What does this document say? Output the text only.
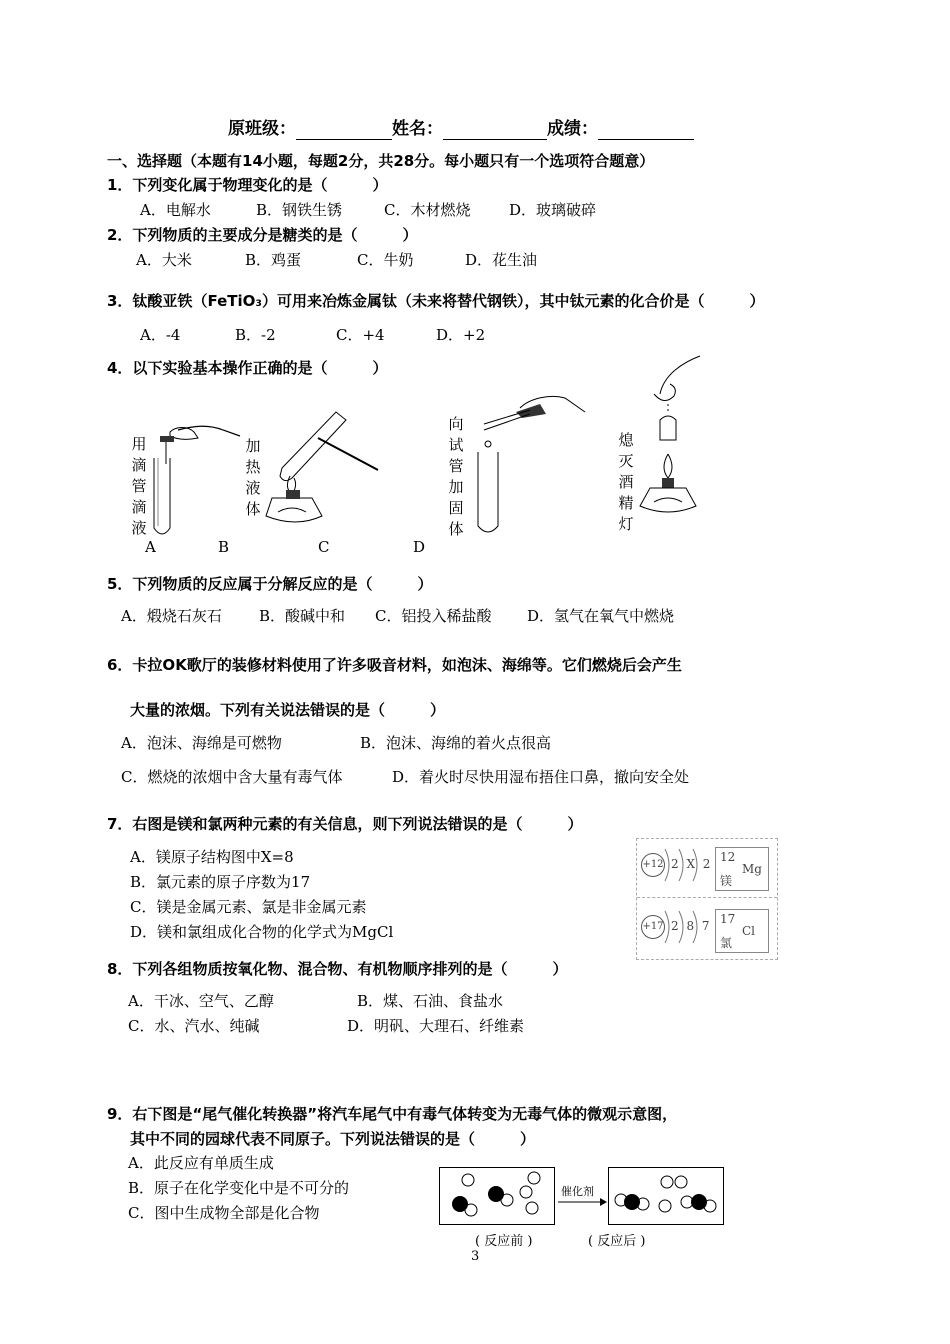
原班级：	姓名：	成绩：
一、选择题（本题有14小题，每题2分，共28分。每小题只有一个选项符合题意）
1．下列变化属于物理变化的是（　　　）
A．电解水	B．钢铁生锈	C．木材燃烧	D．玻璃破碎
2．下列物质的主要成分是糖类的是（　　　）
A．大米	B．鸡蛋	C．牛奶	D．花生油
3．钛酸亚铁（FeTiO₃）可用来冶炼金属钛（未来将替代钢铁），其中钛元素的化合价是（　　　）
A．-4	B．-2	C．+4	D．+2
4．以下实验基本操作正确的是（　　　）
用滴管滴液
A
加热液体
B
向试管加固体
C
熄灭酒精灯
D
5．下列物质的反应属于分解反应的是（　　　）
A．煅烧石灰石 B．酸碱中和 C．铝投入稀盐酸 D．氢气在氧气中燃烧
6．卡拉OK歌厅的装修材料使用了许多吸音材料，如泡沫、海绵等。它们燃烧后会产生
大量的浓烟。下列有关说法错误的是（　　　）
A．泡沫、海绵是可燃物	B．泡沫、海绵的着火点很高
C．燃烧的浓烟中含大量有毒气体	D．着火时尽快用湿布捂住口鼻，撤向安全处
7．右图是镁和氯两种元素的有关信息，则下列说法错误的是（　　　）
A．镁原子结构图中X=8
B．氯元素的原子序数为17
C．镁是金属元素、氯是非金属元素
D．镁和氯组成化合物的化学式为MgCl
+12 2 X 2 12
Mg
镁
+17 2 8 7 17
Cl
氯
8．下列各组物质按氧化物、混合物、有机物顺序排列的是（　　　）
A．干冰、空气、乙醇	B．煤、石油、食盐水
C．水、汽水、纯碱	D．明矾、大理石、纤维素
9．右下图是“尾气催化转换器”将汽车尾气中有毒气体转变为无毒气体的微观示意图，
其中不同的园球代表不同原子。下列说法错误的是（　　　）
A．此反应有单质生成
B．原子在化学变化中是不可分的
C．图中生成物全部是化合物
催化剂
( 反应前 )	( 反应后 )
3
